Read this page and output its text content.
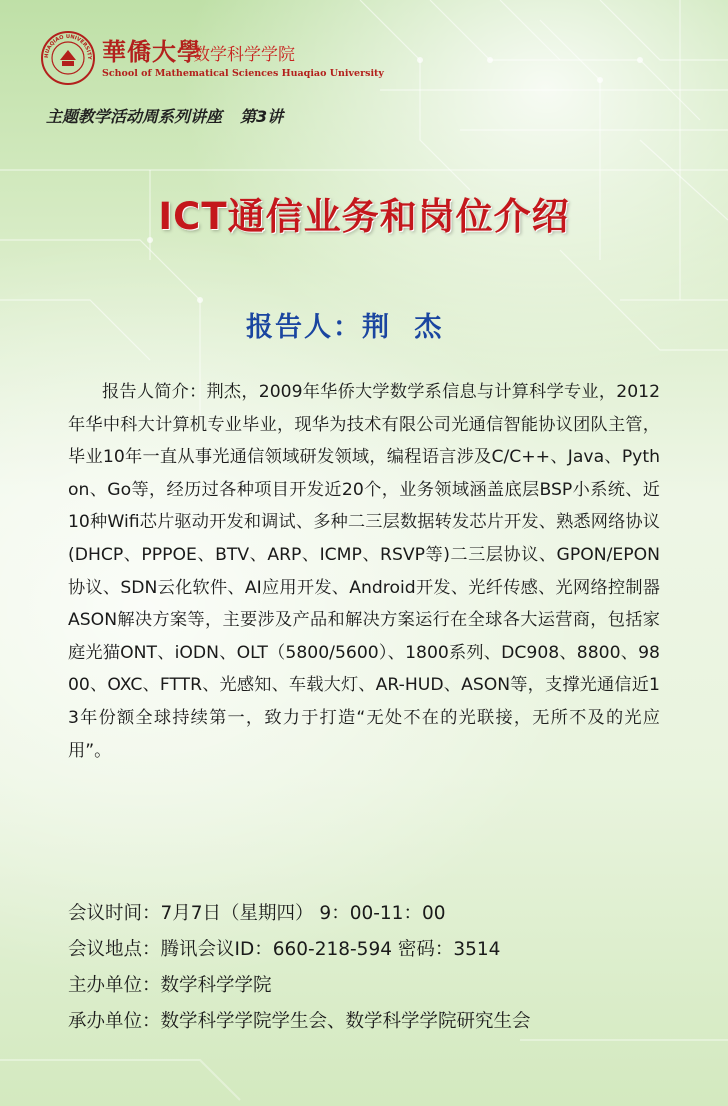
HUAQIAO UNIVERSITY 華僑大學
数学科学学院
School of Mathematical Sciences Huaqiao University
主题教学活动周系列讲座 第3讲
ICT通信业务和岗位介绍
报告人：荆 杰

报告人简介：荆杰，2009年华侨大学数学系信息与计算科学专业，2012年华中科大计算机专业毕业，现华为技术有限公司光通信智能协议团队主管，毕业10年一直从事光通信领域研发领域，编程语言涉及C/C++、Java、Python、Go等，经历过各种项目开发近20个，业务领域涵盖底层BSP小系统、近10种Wifi芯片驱动开发和调试、多种二三层数据转发芯片开发、熟悉网络协议(DHCP、PPPOE、BTV、ARP、ICMP、RSVP等)二三层协议、GPON/EPON协议、SDN云化软件、AI应用开发、Android开发、光纤传感、光网络控制器ASON解决方案等，主要涉及产品和解决方案运行在全球各大运营商，包括家庭光猫ONT、iODN、OLT（5800/5600）、1800系列、DC908、8800、9800、OXC、FTTR、光感知、车载大灯、AR-HUD、ASON等，支撑光通信近13年份额全球持续第一，致力于打造“无处不在的光联接，无所不及的光应用”。

会议时间：7月7日（星期四） 9：00-11：00
会议地点：腾讯会议ID：660-218-594 密码：3514
主办单位：数学科学学院
承办单位：数学科学学院学生会、数学科学学院研究生会
